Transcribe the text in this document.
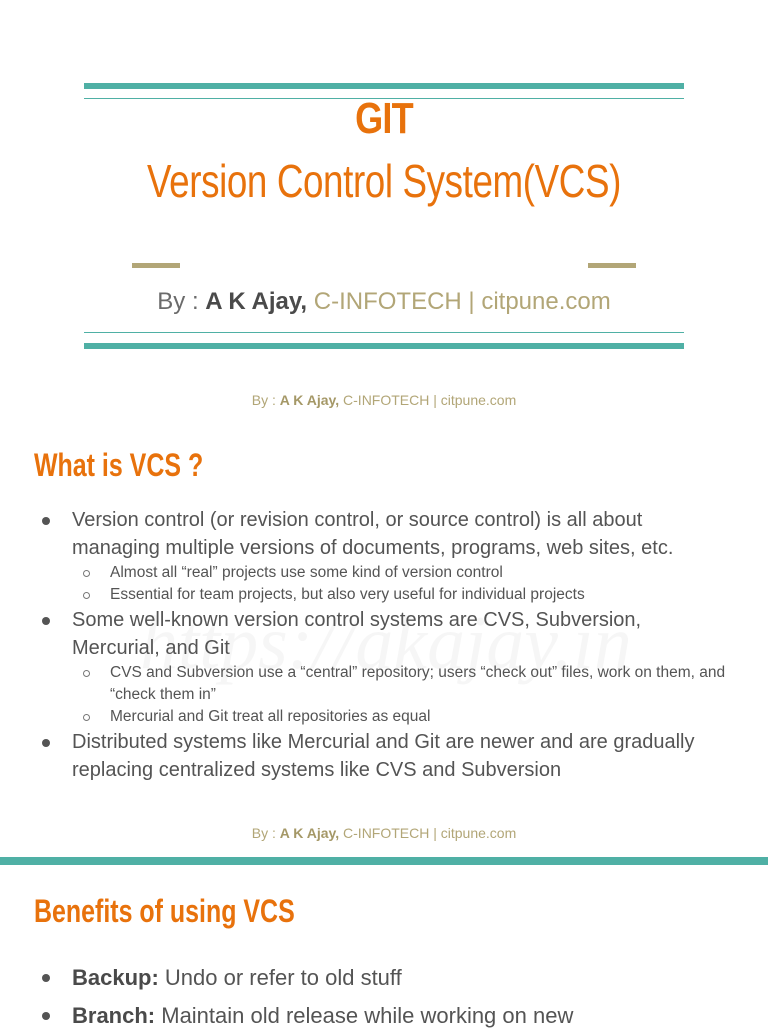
GIT
Version Control System(VCS)
By : A K Ajay, C-INFOTECH | citpune.com
By : A K Ajay, C-INFOTECH | citpune.com
What is VCS ?
Version control (or revision control, or source control) is all about managing multiple versions of documents, programs, web sites, etc.
Almost all “real” projects use some kind of version control
Essential for team projects, but also very useful for individual projects
Some well-known version control systems are CVS, Subversion, Mercurial, and Git
CVS and Subversion use a “central” repository; users “check out” files, work on them, and “check them in”
Mercurial and Git treat all repositories as equal
Distributed systems like Mercurial and Git are newer and are gradually replacing centralized systems like CVS and Subversion
By : A K Ajay, C-INFOTECH | citpune.com
Benefits of using VCS
Backup: Undo or refer to old stuff
Branch: Maintain old release while working on new
